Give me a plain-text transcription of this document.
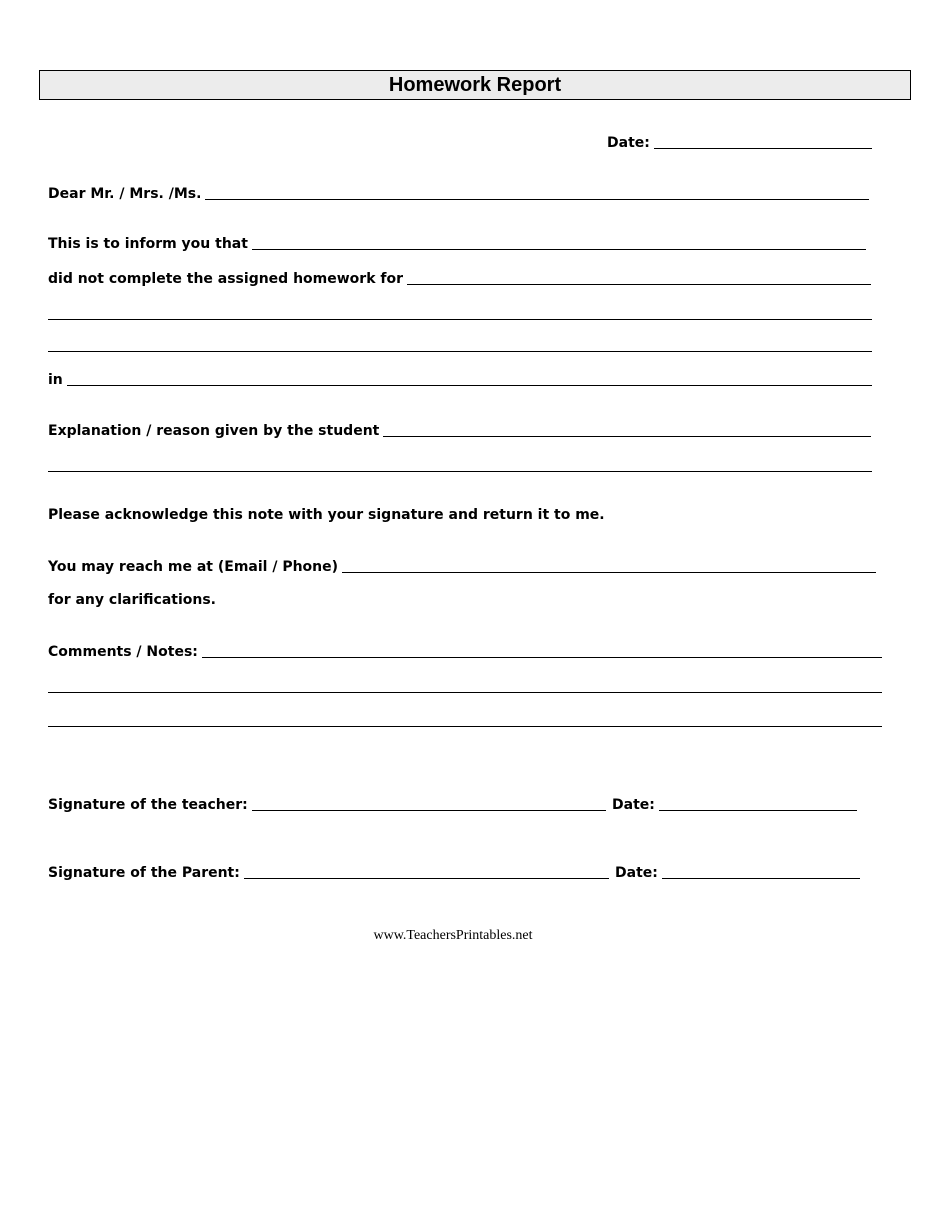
Homework Report
Date:
Dear Mr. / Mrs. /Ms.
This is to inform you that
did not complete the assigned homework for
in
Explanation / reason given by the student
Please acknowledge this note with your signature and return it to me.
You may reach me at (Email / Phone)
for any clarifications.
Comments / Notes:
Signature of the teacher:	Date:
Signature of the Parent:	Date:
www.TeachersPrintables.net
